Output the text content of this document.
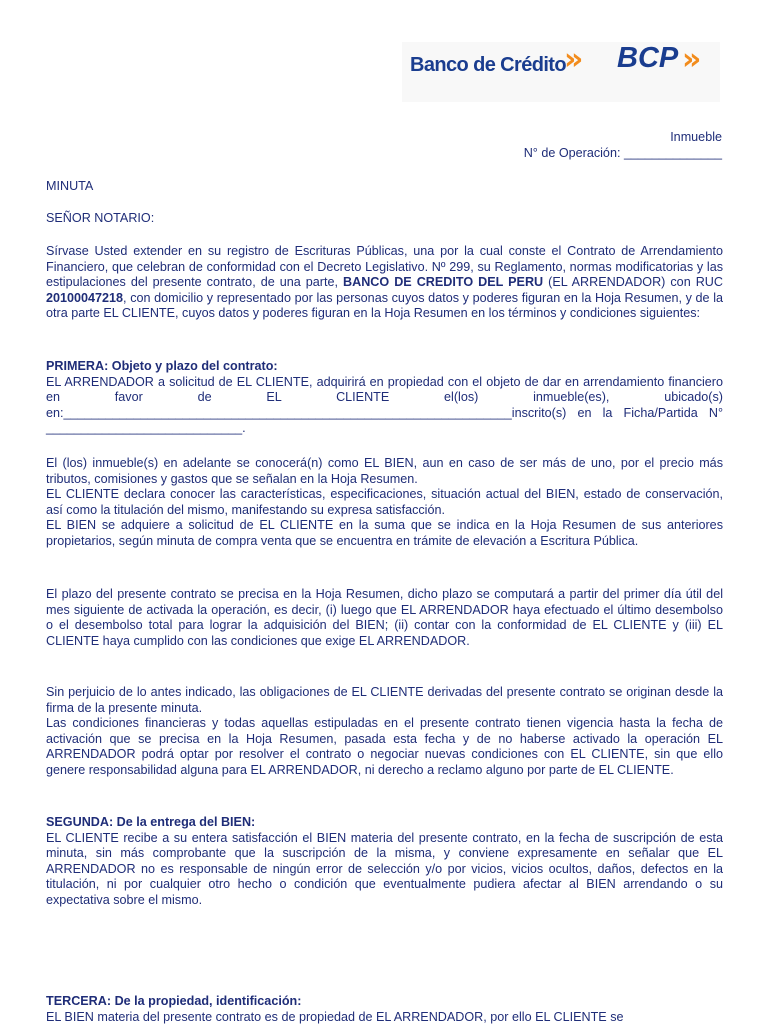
Banco de Crédito
» BCP »
Inmueble
N° de Operación: ______________
MINUTA
SEÑOR NOTARIO:

Sírvase Usted extender en su registro de Escrituras Públicas, una por la cual conste el Contrato de Arrendamiento Financiero, que celebran de conformidad con el Decreto Legislativo. Nº 299, su Reglamento, normas modificatorias y las estipulaciones del presente contrato, de una parte, BANCO DE CREDITO DEL PERU (EL ARRENDADOR) con RUC 20100047218, con domicilio y representado por las personas cuyos datos y poderes figuran en la Hoja Resumen, y de la otra parte EL CLIENTE, cuyos datos y poderes figuran en la Hoja Resumen en los términos y condiciones siguientes:

PRIMERA: Objeto y plazo del contrato:

EL ARRENDADOR a solicitud de EL CLIENTE, adquirirá en propiedad con el objeto de dar en arrendamiento financiero en favor de EL CLIENTE el(los) inmueble(es), ubicado(s) en:________________________________________________________________inscrito(s) en la Ficha/Partida N° ____________________________.

El (los) inmueble(s) en adelante se conocerá(n) como EL BIEN, aun en caso de ser más de uno, por el precio más tributos, comisiones y gastos que se señalan en la Hoja Resumen.

EL CLIENTE declara conocer las características, especificaciones, situación actual del BIEN, estado de conservación, así como la titulación del mismo, manifestando su expresa satisfacción.

EL BIEN se adquiere a solicitud de EL CLIENTE en la suma que se indica en la Hoja Resumen de sus anteriores propietarios, según minuta de compra venta que se encuentra en trámite de elevación a Escritura Pública.

El plazo del presente contrato se precisa en la Hoja Resumen, dicho plazo se computará a partir del primer día útil del mes siguiente de activada la operación, es decir, (i) luego que EL ARRENDADOR haya efectuado el último desembolso o el desembolso total para lograr la adquisición del BIEN; (ii) contar con la conformidad de EL CLIENTE y (iii) EL CLIENTE haya cumplido con las condiciones que exige EL ARRENDADOR.

Sin perjuicio de lo antes indicado, las obligaciones de EL CLIENTE derivadas del presente contrato se originan desde la firma de la presente minuta.

Las condiciones financieras y todas aquellas estipuladas en el presente contrato tienen vigencia hasta la fecha de activación que se precisa en la Hoja Resumen, pasada esta fecha y de no haberse activado la operación EL ARRENDADOR podrá optar por resolver el contrato o negociar nuevas condiciones con EL CLIENTE, sin que ello genere responsabilidad alguna para EL ARRENDADOR, ni derecho a reclamo alguno por parte de EL CLIENTE.

SEGUNDA: De la entrega del BIEN:

EL CLIENTE recibe a su entera satisfacción el BIEN materia del presente contrato, en la fecha de suscripción de esta minuta, sin más comprobante que la suscripción de la misma, y conviene expresamente en señalar que EL ARRENDADOR no es responsable de ningún error de selección y/o por vicios, vicios ocultos, daños, defectos en la titulación, ni por cualquier otro hecho o condición que eventualmente pudiera afectar al BIEN arrendando o su expectativa sobre el mismo.

TERCERA: De la propiedad, identificación:

EL BIEN materia del presente contrato es de propiedad de EL ARRENDADOR, por ello EL CLIENTE se
